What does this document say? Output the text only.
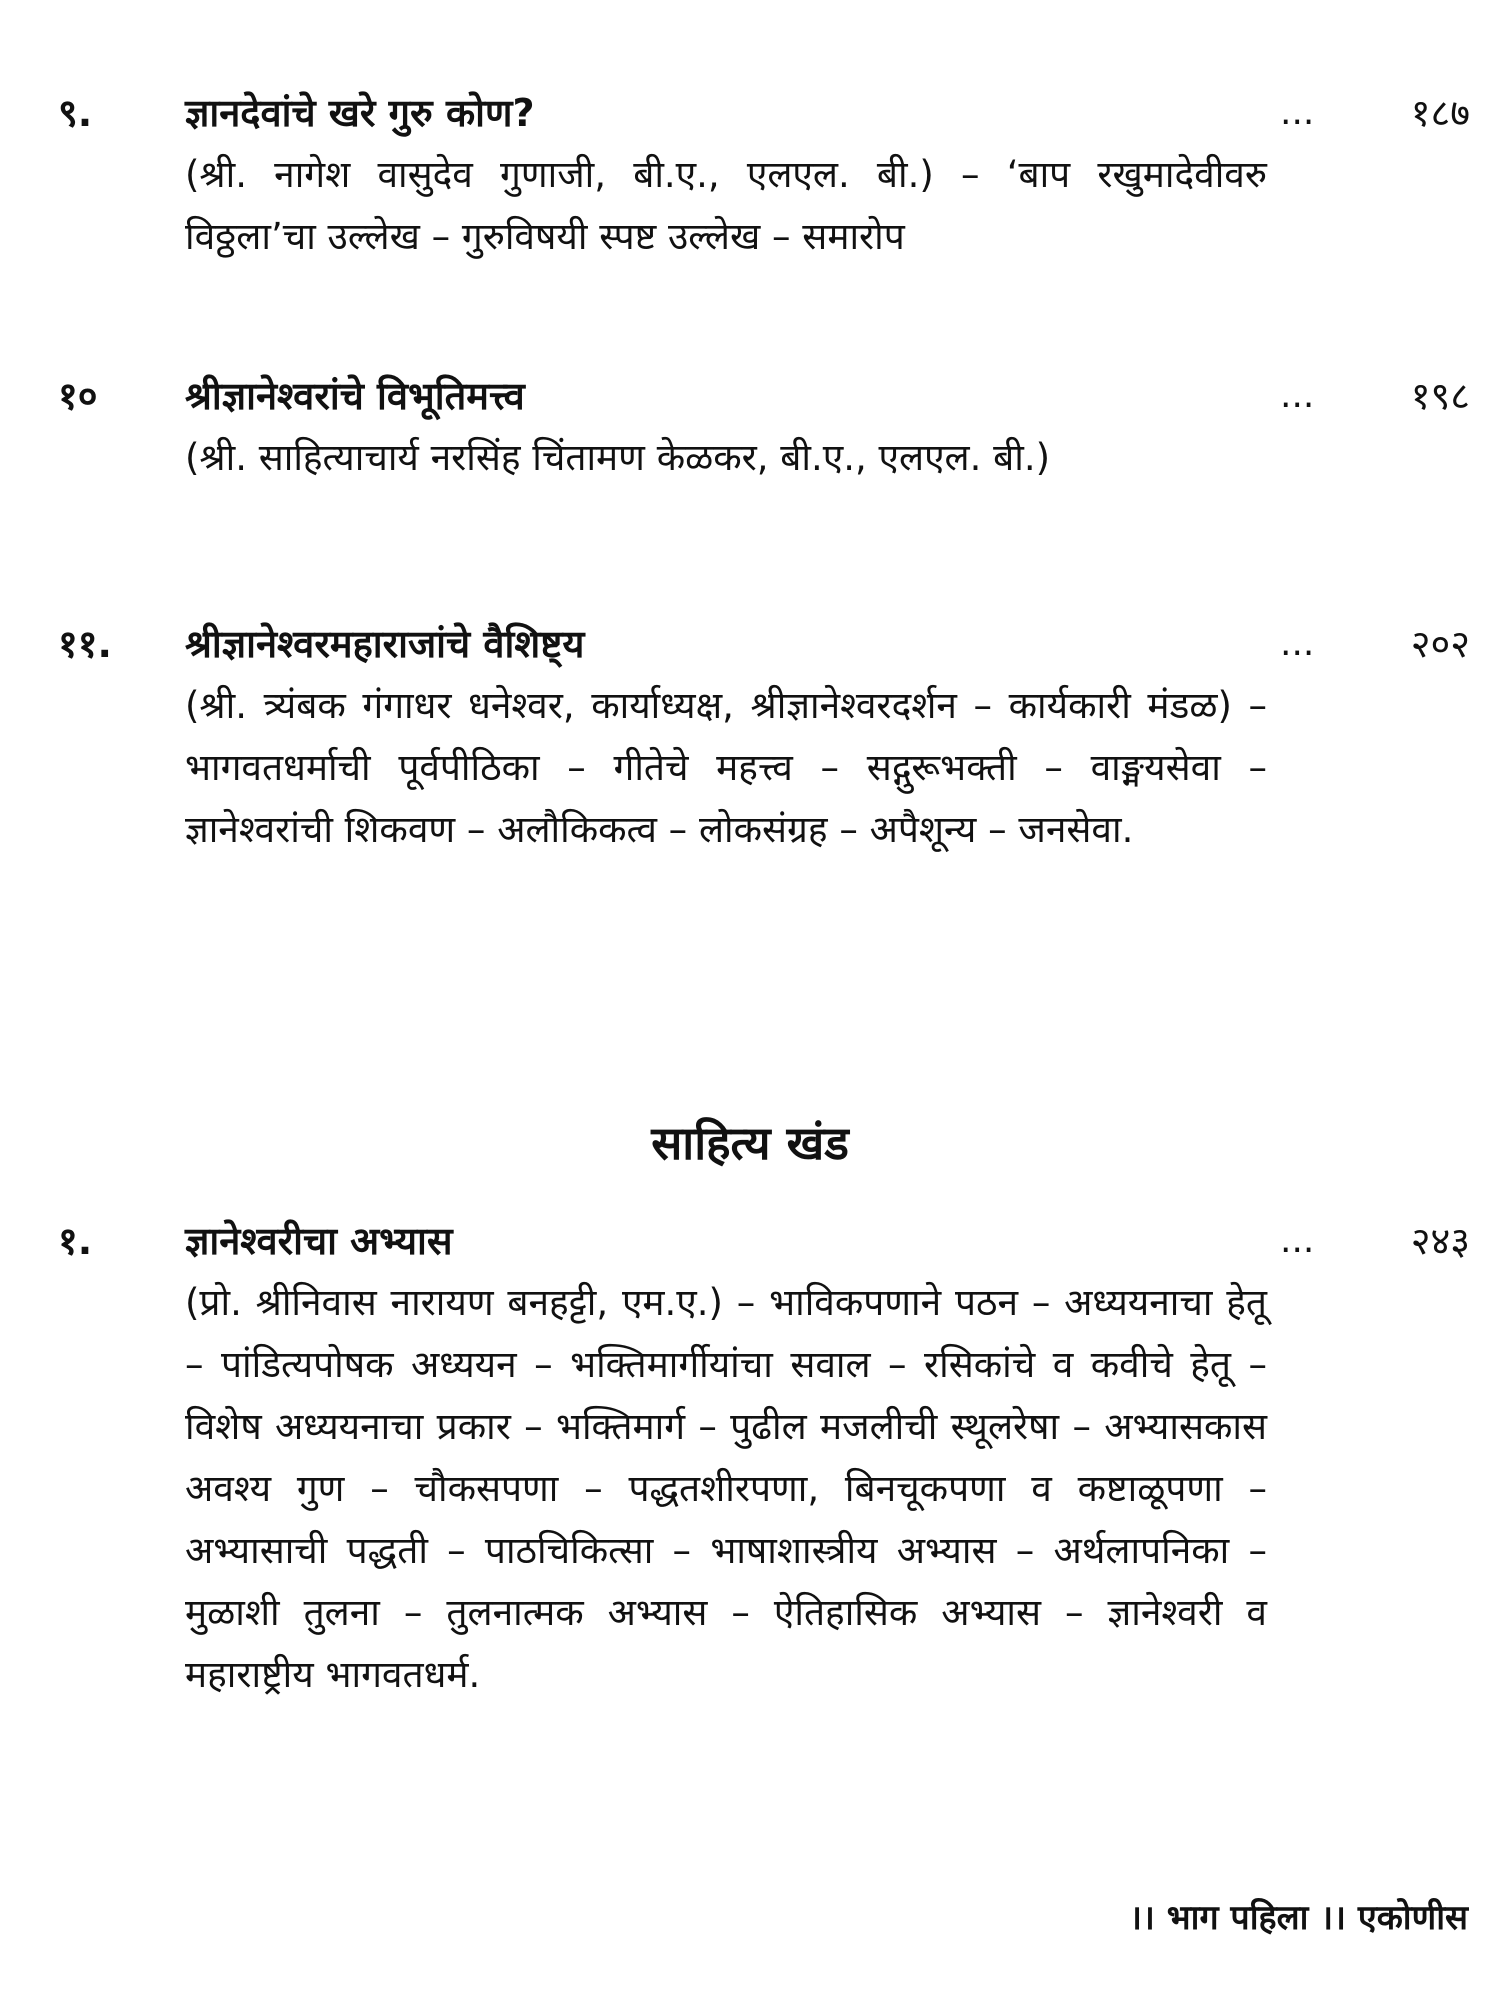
९. ज्ञानदेवांचे खरे गुरु कोण?	...	१८७
(श्री. नागेश वासुदेव गुणाजी, बी.ए., एलएल. बी.) – ‘बाप रखुमादेवीवरु विठ्ठला’चा उल्लेख – गुरुविषयी स्पष्ट उल्लेख – समारोप
१० श्रीज्ञानेश्वरांचे विभूतिमत्त्व	...	१९८
(श्री. साहित्याचार्य नरसिंह चिंतामण केळकर, बी.ए., एलएल. बी.)
११. श्रीज्ञानेश्वरमहाराजांचे वैशिष्ट्य	...	२०२
(श्री. त्र्यंबक गंगाधर धनेश्वर, कार्याध्यक्ष, श्रीज्ञानेश्वरदर्शन – कार्यकारी मंडळ) – भागवतधर्माची पूर्वपीठिका – गीतेचे महत्त्व – सद्गुरूभक्ती – वाङ्मयसेवा – ज्ञानेश्वरांची शिकवण – अलौकिकत्व – लोकसंग्रह – अपैशून्य – जनसेवा.
साहित्य खंड
१. ज्ञानेश्वरीचा अभ्यास	...	२४३
(प्रो. श्रीनिवास नारायण बनहट्टी, एम.ए.) – भाविकपणाने पठन – अध्ययनाचा हेतू – पांडित्यपोषक अध्ययन – भक्तिमार्गीयांचा सवाल – रसिकांचे व कवीचे हेतू – विशेष अध्ययनाचा प्रकार – भक्तिमार्ग – पुढील मजलीची स्थूलरेषा – अभ्यासकास अवश्य गुण – चौकसपणा – पद्धतशीरपणा, बिनचूकपणा व कष्टाळूपणा – अभ्यासाची पद्धती – पाठचिकित्सा – भाषाशास्त्रीय अभ्यास – अर्थलापनिका – मुळाशी तुलना – तुलनात्मक अभ्यास – ऐतिहासिक अभ्यास – ज्ञानेश्वरी व महाराष्ट्रीय भागवतधर्म.
।। भाग पहिला ।। एकोणीस
